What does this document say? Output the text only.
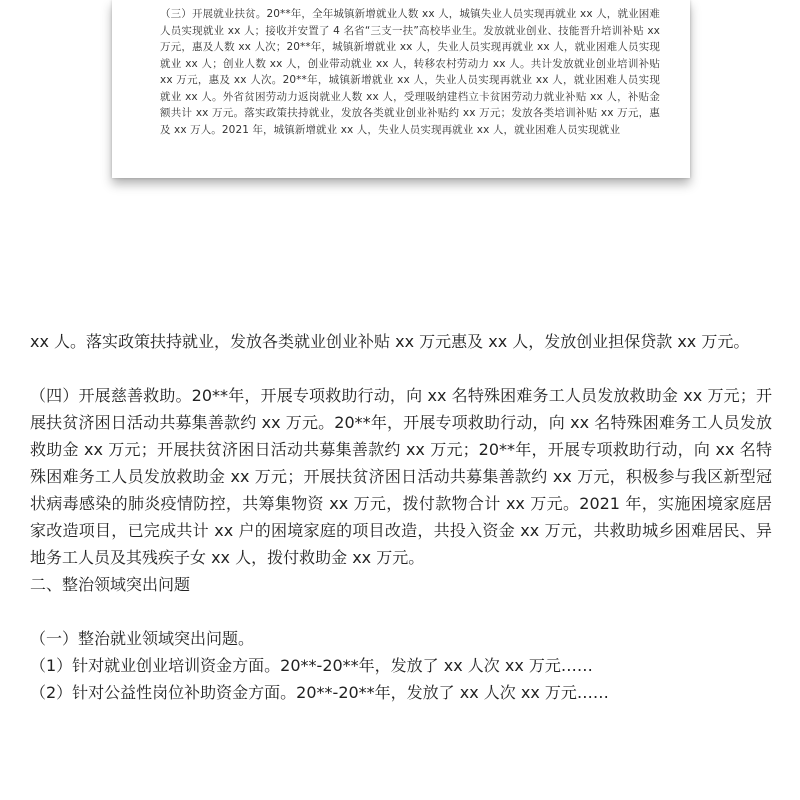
（三）开展就业扶贫。20**年，全年城镇新增就业人数 xx 人，城镇失业人员实现再就业 xx 人，就业困难人员实现就业 xx 人；接收并安置了 4 名省“三支一扶”高校毕业生。发放就业创业、技能晋升培训补贴 xx 万元，惠及人数 xx 人次；20**年，城镇新增就业 xx 人，失业人员实现再就业 xx 人，就业困难人员实现就业 xx 人；创业人数 xx 人，创业带动就业 xx 人，转移农村劳动力 xx 人。共计发放就业创业培训补贴 xx 万元，惠及 xx 人次。20**年，城镇新增就业 xx 人，失业人员实现再就业 xx 人，就业困难人员实现就业 xx 人。外省贫困劳动力返岗就业人数 xx 人，受理吸纳建档立卡贫困劳动力就业补贴 xx 人，补贴金额共计 xx 万元。落实政策扶持就业，发放各类就业创业补贴约 xx 万元；发放各类培训补贴 xx 万元，惠及 xx 万人。2021 年，城镇新增就业 xx 人，失业人员实现再就业 xx 人，就业困难人员实现就业

xx 人。落实政策扶持就业，发放各类就业创业补贴 xx 万元惠及 xx 人，发放创业担保贷款 xx 万元。

（四）开展慈善救助。20**年，开展专项救助行动，向 xx 名特殊困难务工人员发放救助金 xx 万元；开展扶贫济困日活动共募集善款约 xx 万元。20**年，开展专项救助行动，向 xx 名特殊困难务工人员发放救助金 xx 万元；开展扶贫济困日活动共募集善款约 xx 万元；20**年，开展专项救助行动，向 xx 名特殊困难务工人员发放救助金 xx 万元；开展扶贫济困日活动共募集善款约 xx 万元，积极参与我区新型冠状病毒感染的肺炎疫情防控，共筹集物资 xx 万元，拨付款物合计 xx 万元。2021 年，实施困境家庭居家改造项目，已完成共计 xx 户的困境家庭的项目改造，共投入资金 xx 万元，共救助城乡困难居民、异地务工人员及其残疾子女 xx 人，拨付救助金 xx 万元。

二、整治领域突出问题

（一）整治就业领域突出问题。

（1）针对就业创业培训资金方面。20**-20**年，发放了 xx 人次 xx 万元……

（2）针对公益性岗位补助资金方面。20**-20**年，发放了 xx 人次 xx 万元……
